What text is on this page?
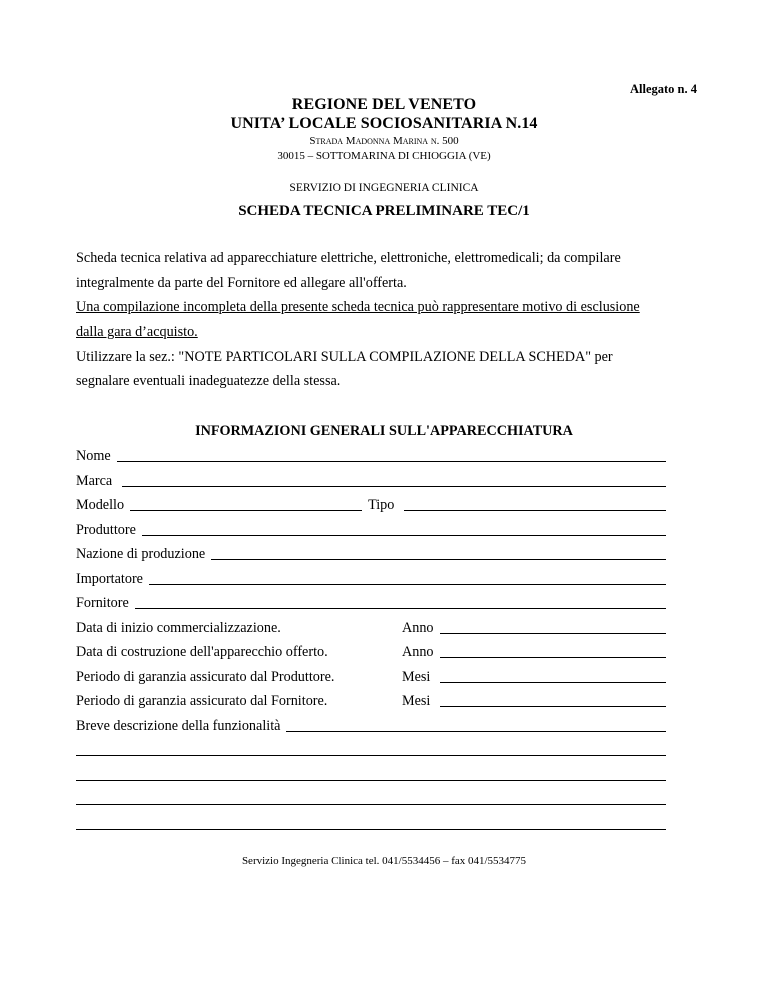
Allegato n. 4
REGIONE DEL VENETO
UNITA’ LOCALE SOCIOSANITARIA N.14
Strada Madonna Marina n. 500
30015 – SOTTOMARINA DI CHIOGGIA (VE)
SERVIZIO DI INGEGNERIA CLINICA
SCHEDA TECNICA PRELIMINARE TEC/1
Scheda tecnica relativa ad apparecchiature elettriche, elettroniche, elettromedicali; da compilare
integralmente da parte del Fornitore ed allegare all'offerta.
Una compilazione incompleta della presente scheda tecnica può rappresentare motivo di esclusione
dalla gara d’acquisto.
Utilizzare la sez.: "NOTE PARTICOLARI SULLA COMPILAZIONE DELLA SCHEDA" per
segnalare eventuali inadeguatezze della stessa.
INFORMAZIONI GENERALI SULL'APPARECCHIATURA
Nome
Marca
Modello	Tipo
Produttore
Nazione di produzione
Importatore
Fornitore
Data di inizio commercializzazione.	Anno
Data di costruzione dell'apparecchio offerto.	Anno
Periodo di garanzia assicurato dal Produttore.	Mesi
Periodo di garanzia assicurato dal Fornitore.	Mesi
Breve descrizione della funzionalità
Servizio Ingegneria Clinica tel. 041/5534456 – fax 041/5534775
